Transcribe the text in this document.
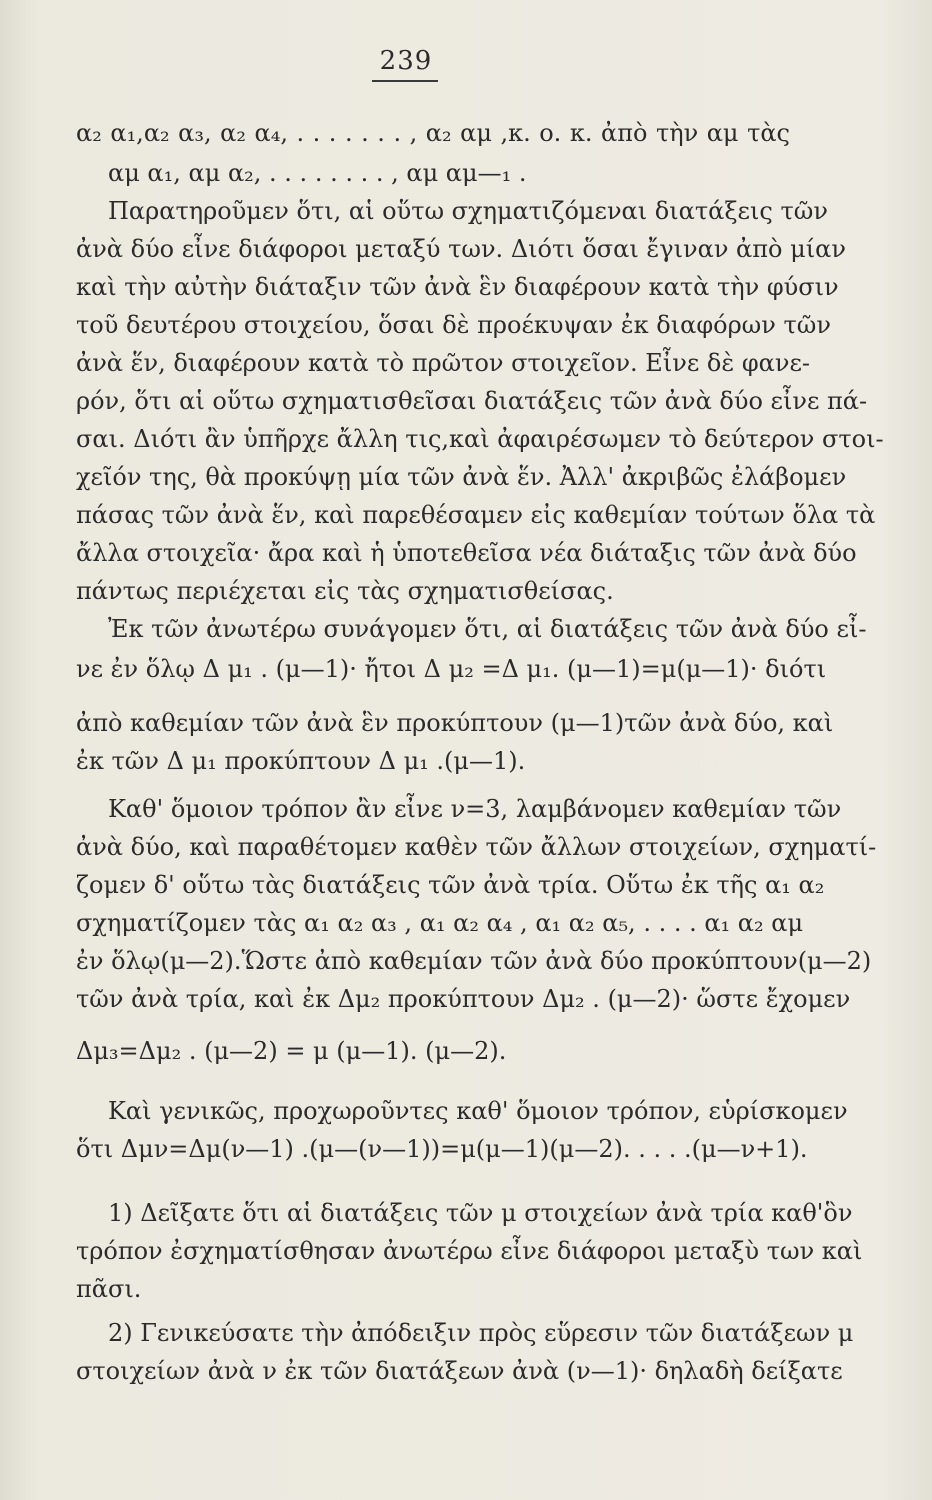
239
α₂ α₁,α₂ α₃, α₂ α₄, . . . . . . . , α₂ αμ ,κ. ο. κ. ἀπὸ τὴν αμ τὰς
αμ α₁, αμ α₂, . . . . . . . . , αμ αμ—₁ .
Παρατηροῦμεν ὅτι, αἱ οὕτω σχηματιζόμεναι διατάξεις τῶν
ἀνὰ δύο εἶνε διάφοροι μεταξύ των. Διότι ὅσαι ἔγιναν ἀπὸ μίαν
καὶ τὴν αὐτὴν διάταξιν τῶν ἀνὰ ἓν διαφέρουν κατὰ τὴν φύσιν
τοῦ δευτέρου στοιχείου, ὅσαι δὲ προέκυψαν ἐκ διαφόρων τῶν
ἀνὰ ἕν, διαφέρουν κατὰ τὸ πρῶτον στοιχεῖον. Εἶνε δὲ φανε-
ρόν, ὅτι αἱ οὕτω σχηματισθεῖσαι διατάξεις τῶν ἀνὰ δύο εἶνε πά-
σαι. Διότι ἂν ὑπῆρχε ἄλλη τις,καὶ ἀφαιρέσωμεν τὸ δεύτερον στοι-
χεῖόν της, θὰ προκύψῃ μία τῶν ἀνὰ ἕν. Ἀλλ' ἀκριβῶς ἐλάβομεν
πάσας τῶν ἀνὰ ἕν, καὶ παρεθέσαμεν εἰς καθεμίαν τούτων ὅλα τὰ
ἄλλα στοιχεῖα· ἄρα καὶ ἡ ὑποτεθεῖσα νέα διάταξις τῶν ἀνὰ δύο
πάντως περιέχεται εἰς τὰς σχηματισθείσας.
Ἐκ τῶν ἀνωτέρω συνάγομεν ὅτι, αἱ διατάξεις τῶν ἀνὰ δύο εἶ-
νε ἐν ὅλῳ Δ μ₁ . (μ—1)· ἤτοι Δ μ₂ =Δ μ₁. (μ—1)=μ(μ—1)· διότι
ἀπὸ καθεμίαν τῶν ἀνὰ ἓν προκύπτουν (μ—1)τῶν ἀνὰ δύο, καὶ
ἐκ τῶν Δ μ₁ προκύπτουν Δ μ₁ .(μ—1).
Καθ' ὅμοιον τρόπον ἂν εἶνε ν=3, λαμβάνομεν καθεμίαν τῶν
ἀνὰ δύο, καὶ παραθέτομεν καθὲν τῶν ἄλλων στοιχείων, σχηματί-
ζομεν δ' οὕτω τὰς διατάξεις τῶν ἀνὰ τρία. Οὕτω ἐκ τῆς α₁ α₂
σχηματίζομεν τὰς α₁ α₂ α₃ , α₁ α₂ α₄ , α₁ α₂ α₅, . . . . α₁ α₂ αμ
ἐν ὅλῳ(μ—2).Ὥστε ἀπὸ καθεμίαν τῶν ἀνὰ δύο προκύπτουν(μ—2)
τῶν ἀνὰ τρία, καὶ ἐκ Δμ₂ προκύπτουν Δμ₂ . (μ—2)· ὥστε ἔχομεν
Δμ₃=Δμ₂ . (μ—2) = μ (μ—1). (μ—2).
Καὶ γενικῶς, προχωροῦντες καθ' ὅμοιον τρόπον, εὑρίσκομεν
ὅτι Δμν=Δμ(ν—1) .(μ—(ν—1))=μ(μ—1)(μ—2). . . . .(μ—ν+1).
1) Δεῖξατε ὅτι αἱ διατάξεις τῶν μ στοιχείων ἀνὰ τρία καθ'ὃν
τρόπον ἐσχηματίσθησαν ἀνωτέρω εἶνε διάφοροι μεταξὺ των καὶ
πᾶσι.
2) Γενικεύσατε τὴν ἀπόδειξιν πρὸς εὕρεσιν τῶν διατάξεων μ
στοιχείων ἀνὰ ν ἐκ τῶν διατάξεων ἀνὰ (ν—1)· δηλαδὴ δείξατε
